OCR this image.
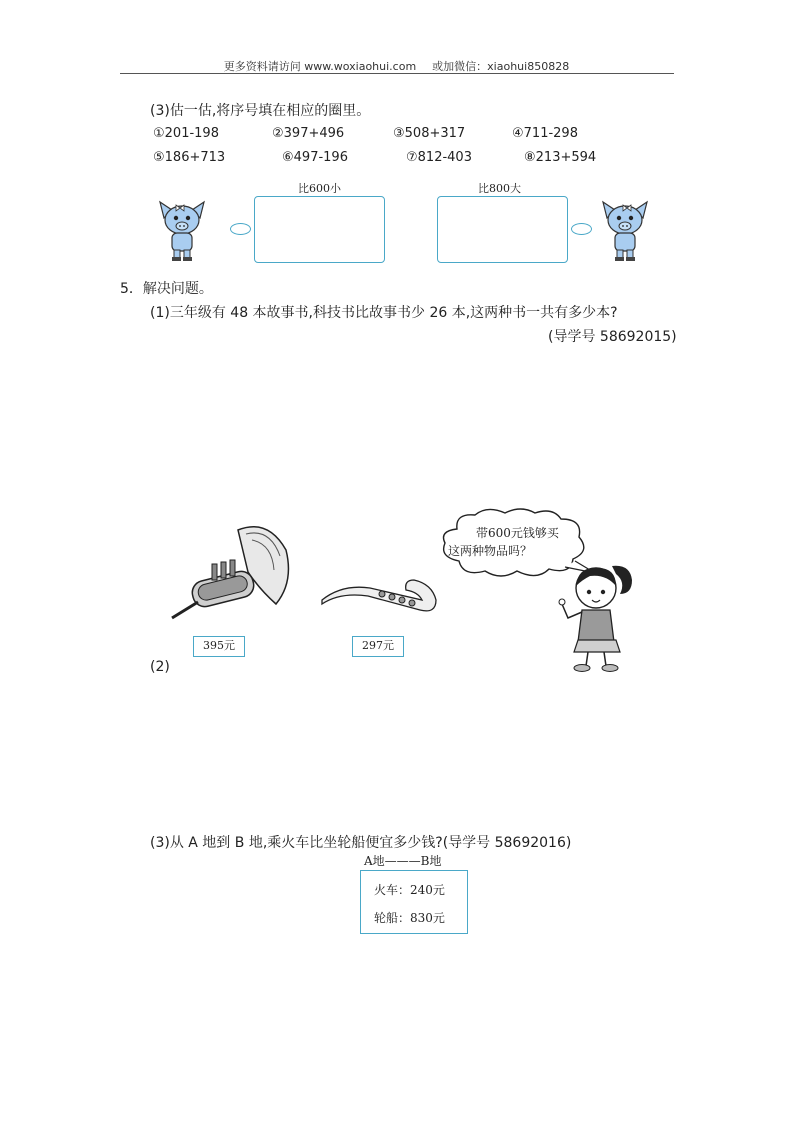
更多资料请访问 www.woxiaohui.com 或加微信：xiaohui850828
(3)估一估,将序号填在相应的圈里。
①201-198	②397+496	③508+317	④711-298
⑤186+713	⑥497-196	⑦812-403	⑧213+594
比600小	比800大
5．解决问题。
(1)三年级有 48 本故事书,科技书比故事书少 26 本,这两种书一共有多少本?
(导学号 58692015)
395元	297元
(2)
带600元钱够买
这两种物品吗？
(3)从 A 地到 B 地,乘火车比坐轮船便宜多少钱?(导学号 58692016)
A地———B地
火车：240元
轮船：830元
